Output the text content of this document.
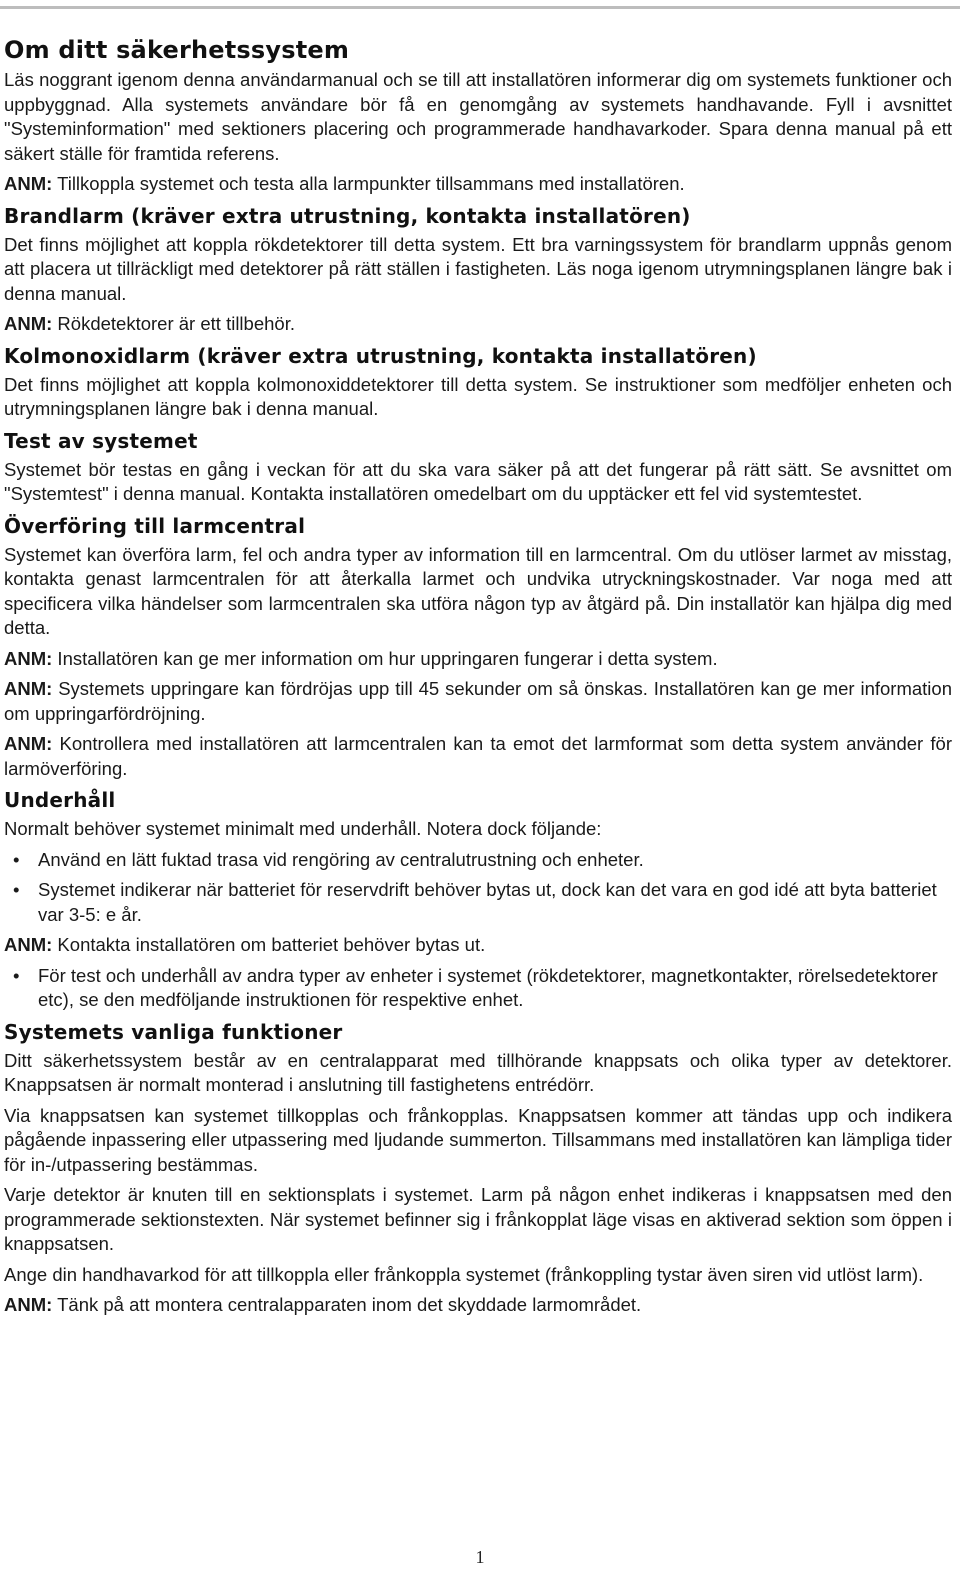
Om ditt säkerhetssystem

Läs noggrant igenom denna användarmanual och se till att installatören informerar dig om systemets funktioner och uppbyggnad. Alla systemets användare bör få en genomgång av systemets handhavande. Fyll i avsnittet "Systeminformation" med sektioners placering och programmerade handhavarkoder. Spara denna manual på ett säkert ställe för framtida referens.

ANM: Tillkoppla systemet och testa alla larmpunkter tillsammans med installatören.

Brandlarm (kräver extra utrustning, kontakta installatören)

Det finns möjlighet att koppla rökdetektorer till detta system. Ett bra varningssystem för brandlarm uppnås genom att placera ut tillräckligt med detektorer på rätt ställen i fastigheten. Läs noga igenom utrymningsplanen längre bak i denna manual.

ANM: Rökdetektorer är ett tillbehör.

Kolmonoxidlarm (kräver extra utrustning, kontakta installatören)

Det finns möjlighet att koppla kolmonoxiddetektorer till detta system. Se instruktioner som medföljer enheten och utrymningsplanen längre bak i denna manual.

Test av systemet

Systemet bör testas en gång i veckan för att du ska vara säker på att det fungerar på rätt sätt. Se avsnittet om "Systemtest" i denna manual. Kontakta installatören omedelbart om du upptäcker ett fel vid systemtestet.

Överföring till larmcentral

Systemet kan överföra larm, fel och andra typer av information till en larmcentral. Om du utlöser larmet av misstag, kontakta genast larmcentralen för att återkalla larmet och undvika utryckningskostnader. Var noga med att specificera vilka händelser som larmcentralen ska utföra någon typ av åtgärd på. Din installatör kan hjälpa dig med detta.

ANM: Installatören kan ge mer information om hur uppringaren fungerar i detta system.

ANM: Systemets uppringare kan fördröjas upp till 45 sekunder om så önskas. Installatören kan ge mer information om uppringarfördröjning.

ANM: Kontrollera med installatören att larmcentralen kan ta emot det larmformat som detta system använder för larmöverföring.

Underhåll

Normalt behöver systemet minimalt med underhåll. Notera dock följande:

• Använd en lätt fuktad trasa vid rengöring av centralutrustning och enheter.
• Systemet indikerar när batteriet för reservdrift behöver bytas ut, dock kan det vara en god idé att byta batteriet var 3-5: e år.

ANM: Kontakta installatören om batteriet behöver bytas ut.

• För test och underhåll av andra typer av enheter i systemet (rökdetektorer, magnetkontakter, rörelsedetektorer etc), se den medföljande instruktionen för respektive enhet.
Systemets vanliga funktioner

Ditt säkerhetssystem består av en centralapparat med tillhörande knappsats och olika typer av detektorer. Knappsatsen är normalt monterad i anslutning till fastighetens entrédörr.

Via knappsatsen kan systemet tillkopplas och frånkopplas. Knappsatsen kommer att tändas upp och indikera pågående inpassering eller utpassering med ljudande summerton. Tillsammans med installatören kan lämpliga tider för in-/utpassering bestämmas.

Varje detektor är knuten till en sektionsplats i systemet. Larm på någon enhet indikeras i knappsatsen med den programmerade sektionstexten. När systemet befinner sig i frånkopplat läge visas en aktiverad sektion som öppen i knappsatsen.

Ange din handhavarkod för att tillkoppla eller frånkoppla systemet (frånkoppling tystar även siren vid utlöst larm).

ANM: Tänk på att montera centralapparaten inom det skyddade larmområdet.

1
